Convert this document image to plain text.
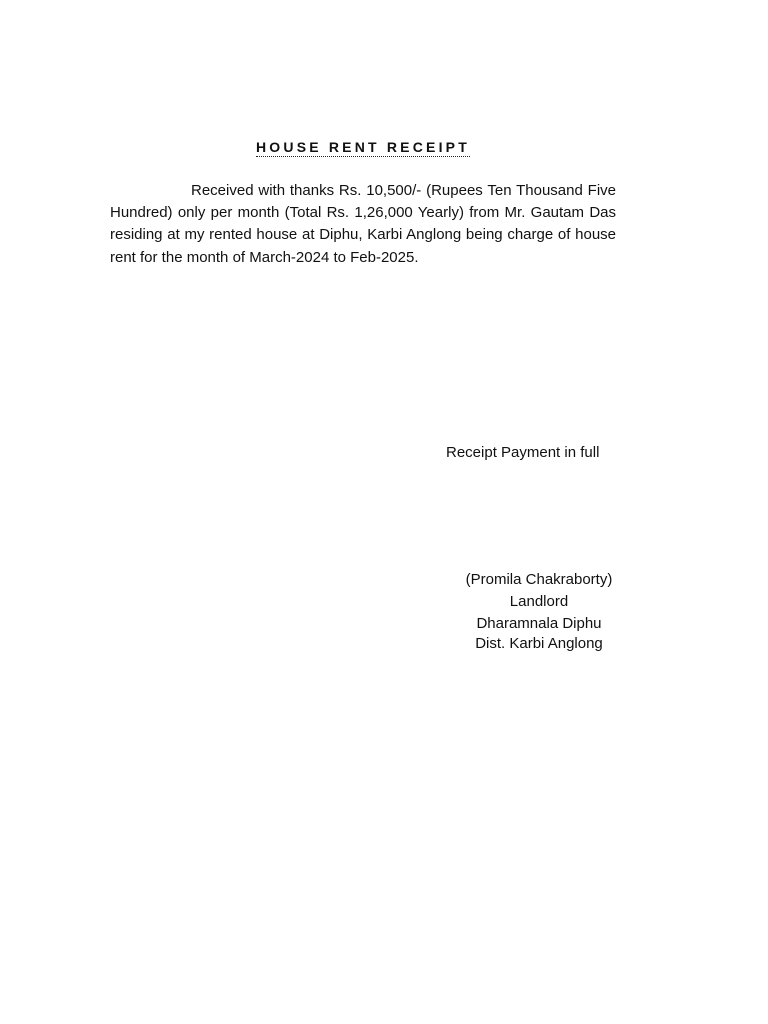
HOUSE RENT RECEIPT

Received with thanks Rs. 10,500/- (Rupees Ten Thousand Five Hundred) only per month (Total Rs. 1,26,000 Yearly) from Mr. Gautam Das residing at my rented house at Diphu, Karbi Anglong being charge of house rent for the month of March-2024 to Feb-2025.

Receipt Payment in full
(Promila Chakraborty)
Landlord
Dharamnala Diphu
Dist. Karbi Anglong
